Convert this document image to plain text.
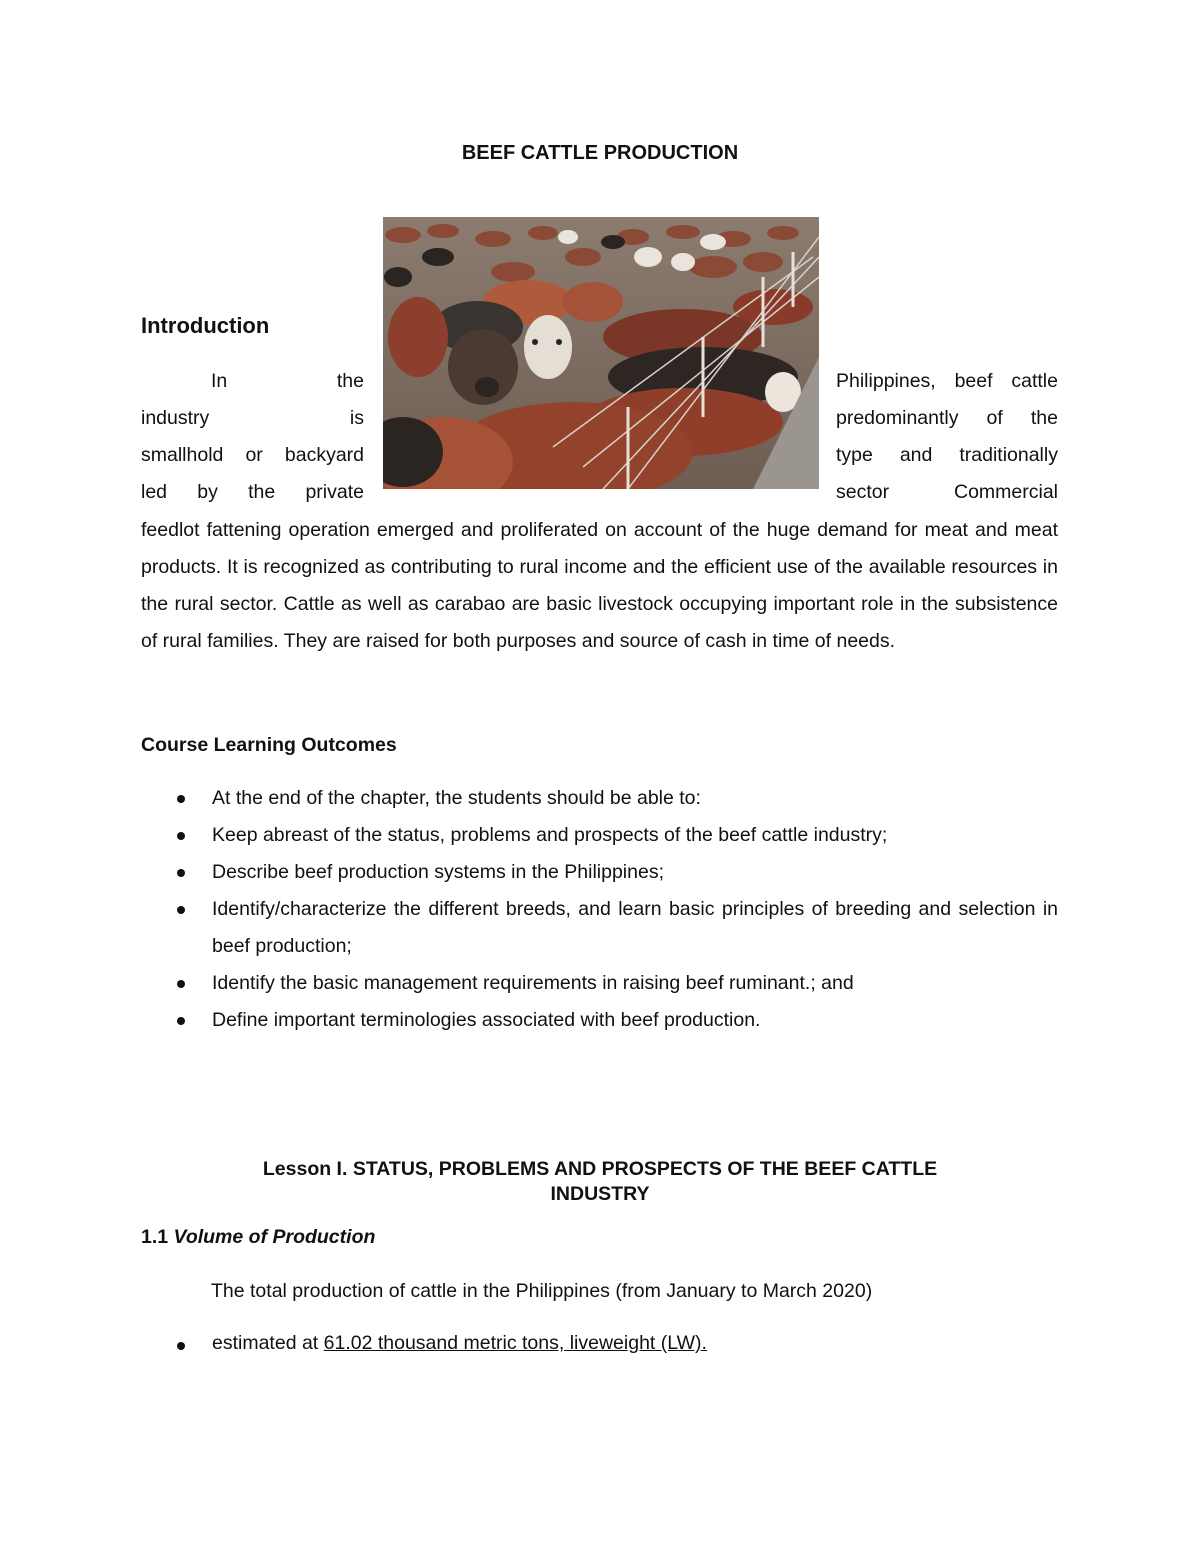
BEEF CATTLE PRODUCTION
Introduction
In	the
industry	is
smallhold or backyard
led by the private
Philippines, beef cattle
predominantly of the
type and traditionally
sector	Commercial
feedlot fattening operation emerged and proliferated on account of the huge demand for meat and meat products. It is recognized as contributing to rural income and the efficient use of the available resources in the rural sector. Cattle as well as carabao are basic livestock occupying important role in the subsistence of rural families. They are raised for both purposes and source of cash in time of needs.
Course Learning Outcomes
At the end of the chapter, the students should be able to:
Keep abreast of the status, problems and prospects of the beef cattle industry;
Describe beef production systems in the Philippines;
Identify/characterize the different breeds, and learn basic principles of breeding and selection in beef production;
Identify the basic management requirements in raising beef ruminant.; and
Define important terminologies associated with beef production.
Lesson I. STATUS, PROBLEMS AND PROSPECTS OF THE BEEF CATTLE
INDUSTRY
1.1 Volume of Production
The total production of cattle in the Philippines (from January to March 2020)
estimated at 61.02 thousand metric tons, liveweight (LW).
